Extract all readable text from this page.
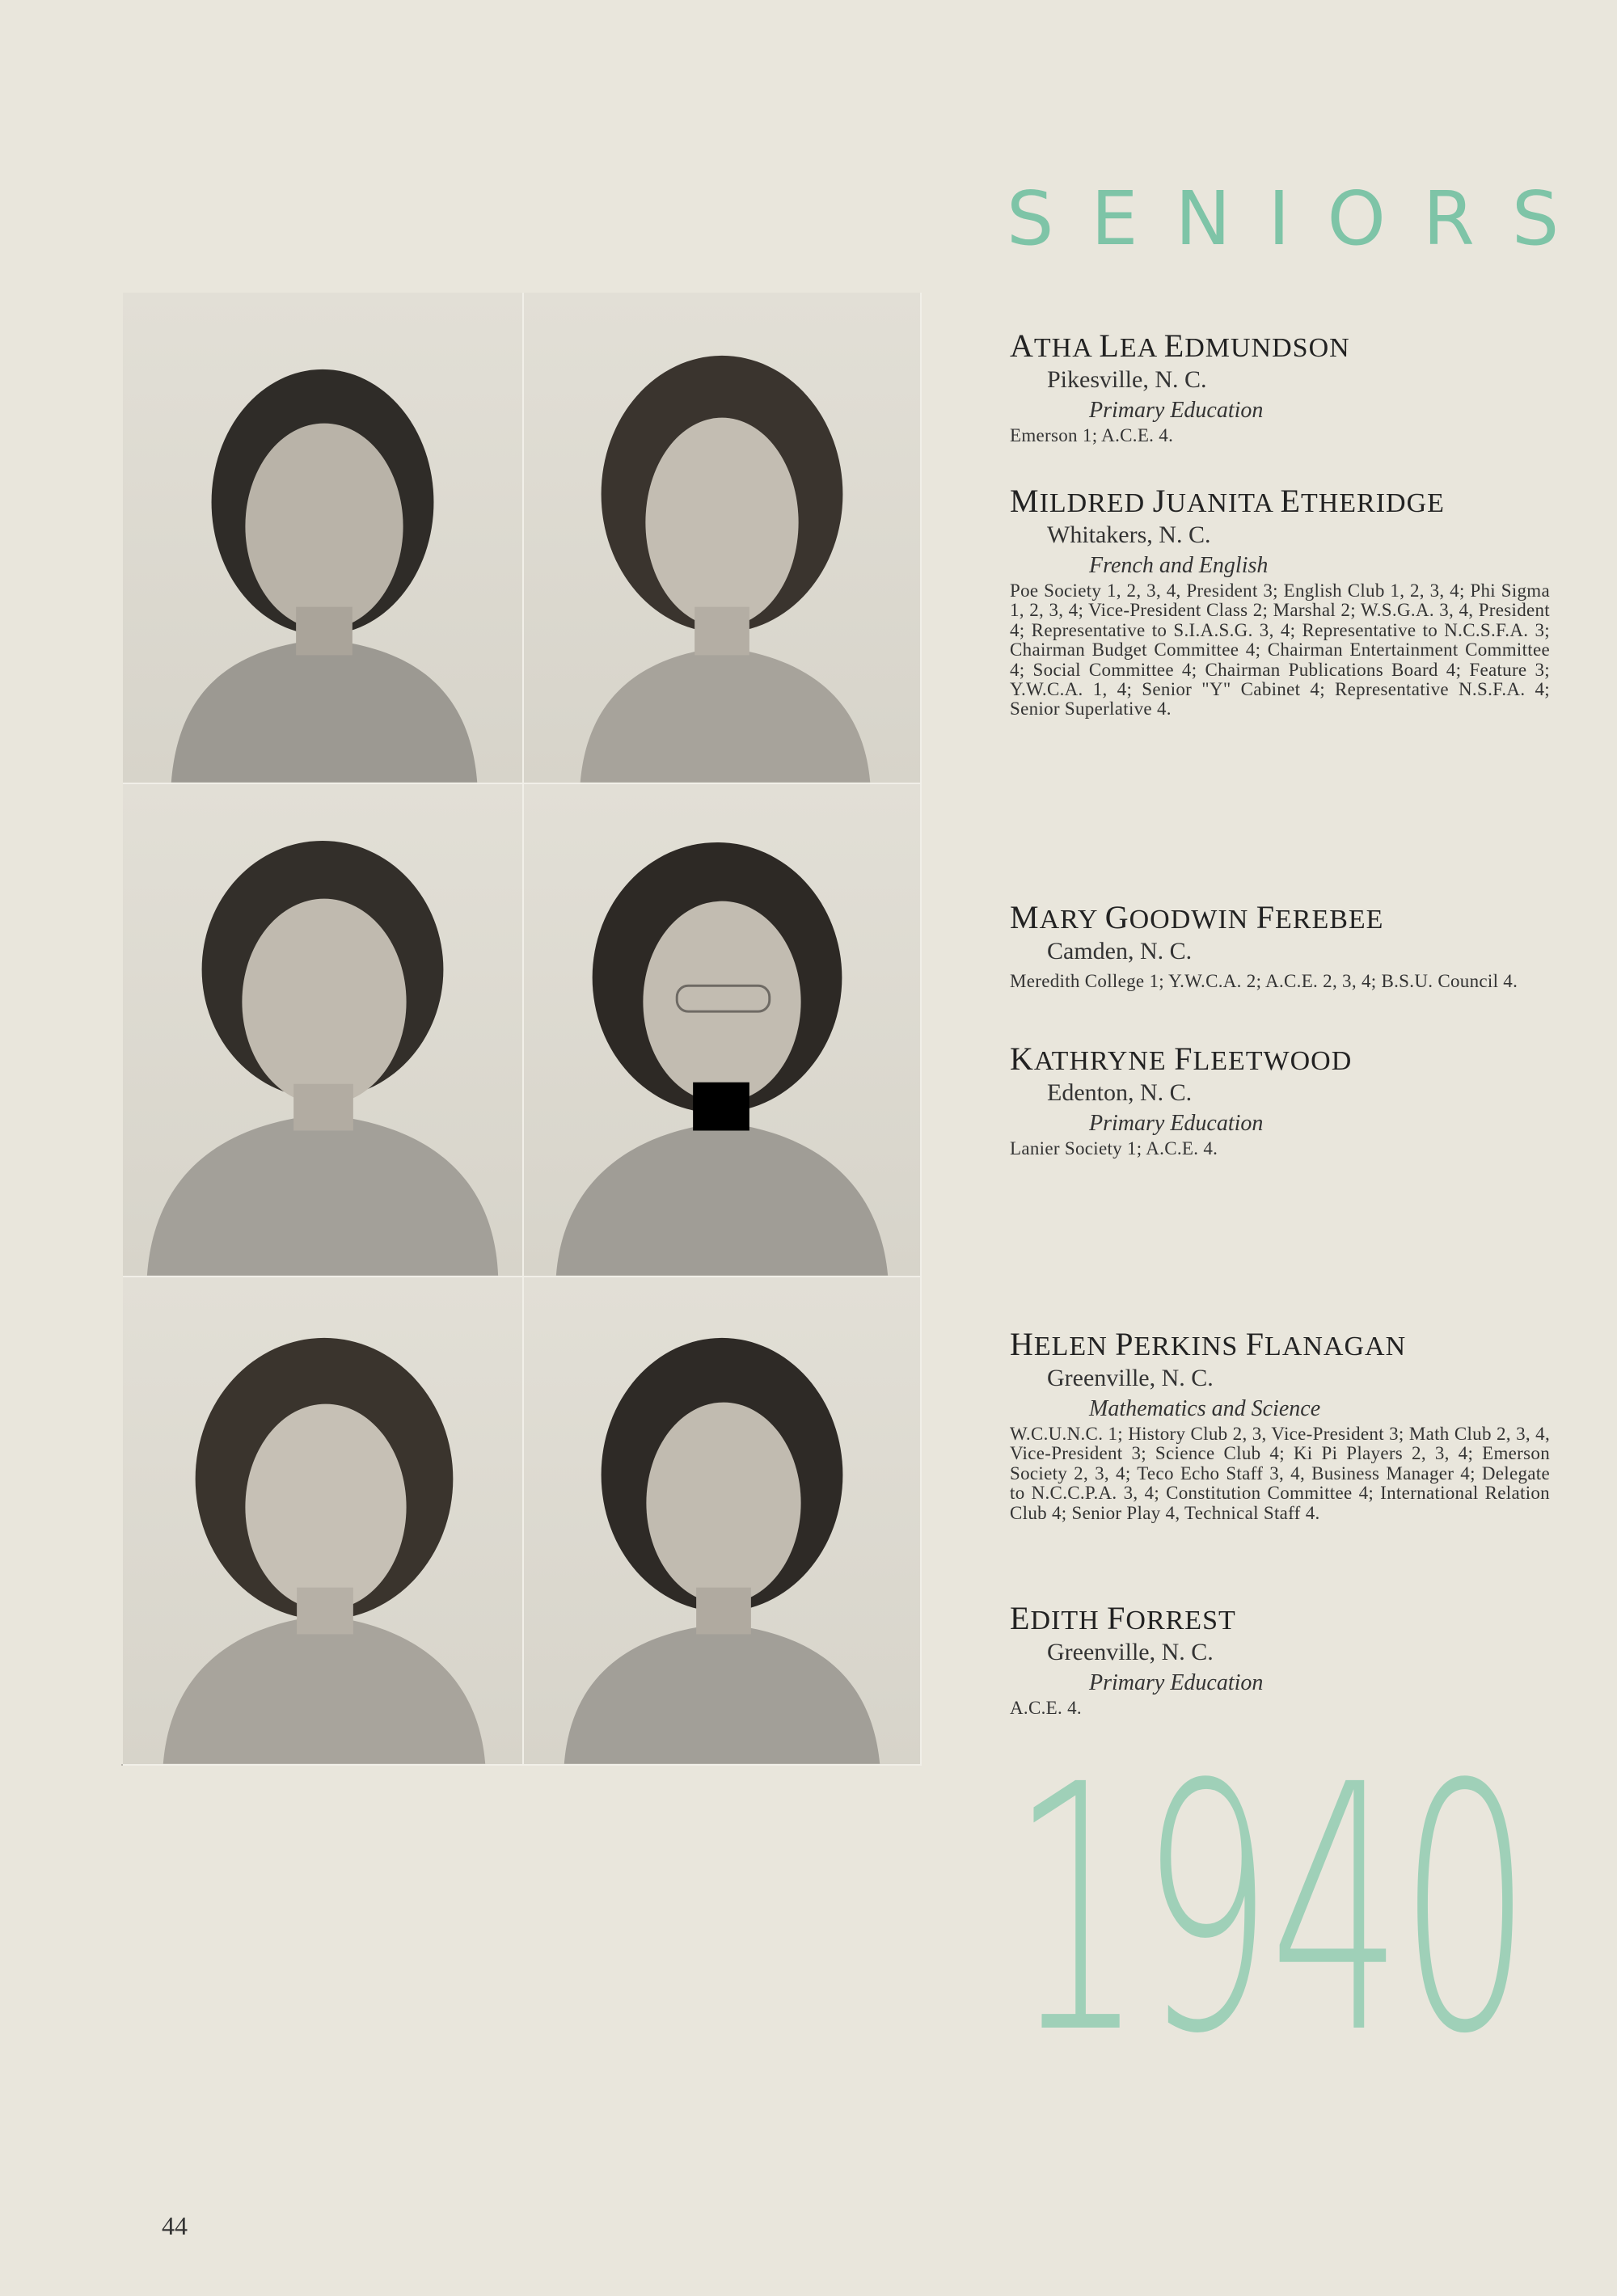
SENIORS
ATHA LEA EDMUNDSON
Pikesville, N. C.
Primary Education
Emerson 1; A.C.E. 4.
MILDRED JUANITA ETHERIDGE
Whitakers, N. C.
French and English
Poe Society 1, 2, 3, 4, President 3; English Club 1, 2, 3, 4; Phi Sigma 1, 2, 3, 4; Vice-President Class 2; Marshal 2; W.S.G.A. 3, 4, President 4; Representative to S.I.A.S.G. 3, 4; Representative to N.C.S.F.A. 3; Chairman Budget Committee 4; Chairman Entertainment Committee 4; Social Committee 4; Chairman Publications Board 4; Feature 3; Y.W.C.A. 1, 4; Senior "Y" Cabinet 4; Representative N.S.F.A. 4; Senior Superlative 4.
MARY GOODWIN FEREBEE
Camden, N. C.
Meredith College 1; Y.W.C.A. 2; A.C.E. 2, 3, 4; B.S.U. Council 4.
KATHRYNE FLEETWOOD
Edenton, N. C.
Primary Education
Lanier Society 1; A.C.E. 4.
HELEN PERKINS FLANAGAN
Greenville, N. C.
Mathematics and Science
W.C.U.N.C. 1; History Club 2, 3, Vice-President 3; Math Club 2, 3, 4, Vice-President 3; Science Club 4; Ki Pi Players 2, 3, 4; Emerson Society 2, 3, 4; Teco Echo Staff 3, 4, Business Manager 4; Delegate to N.C.C.P.A. 3, 4; Constitution Committee 4; International Relation Club 4; Senior Play 4, Technical Staff 4.
EDITH FORREST
Greenville, N. C.
Primary Education
A.C.E. 4.
1940
44
